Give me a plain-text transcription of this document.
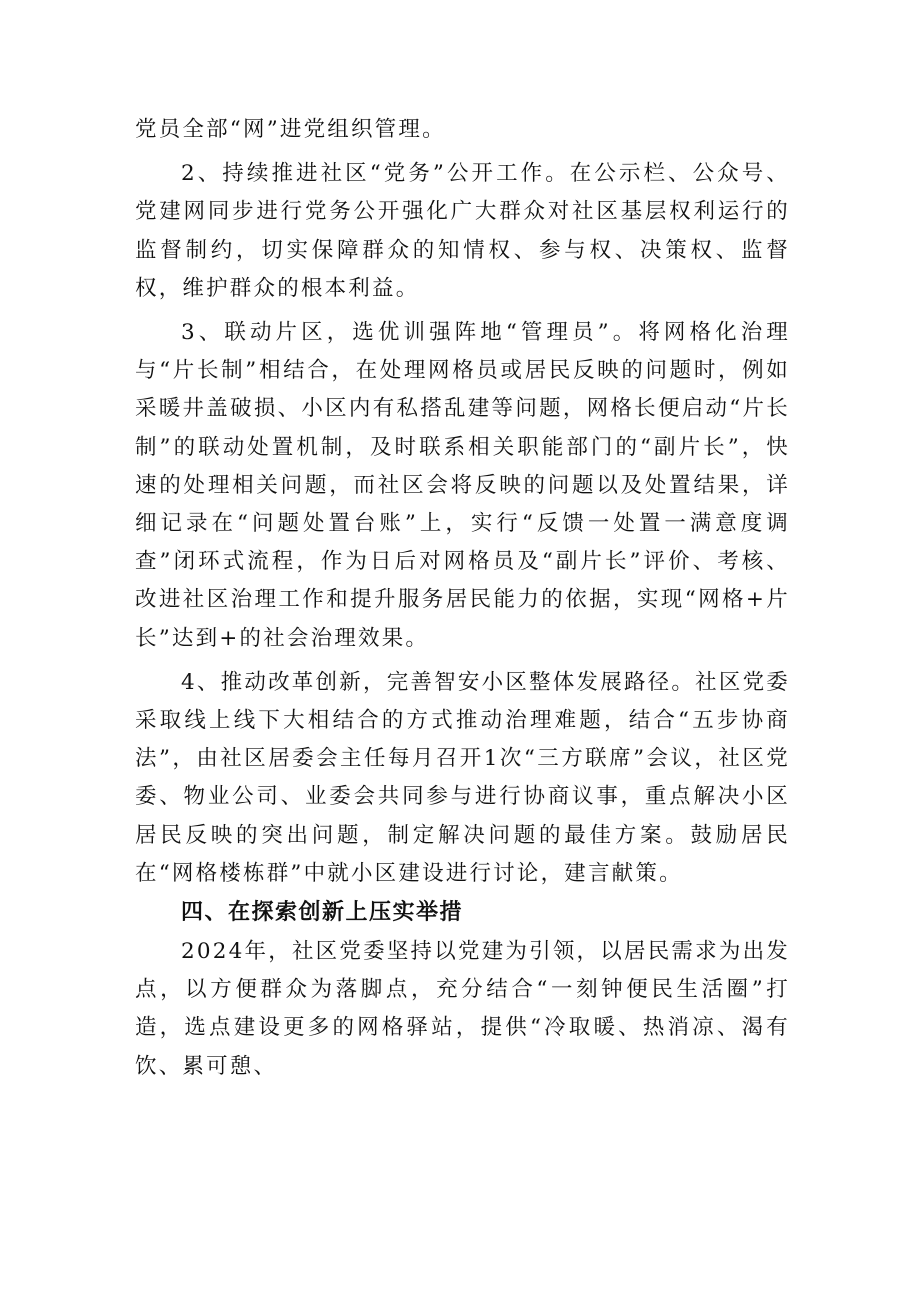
党员全部“网”进党组织管理。

2、持续推进社区“党务”公开工作。在公示栏、公众号、党建网同步进行党务公开强化广大群众对社区基层权利运行的监督制约，切实保障群众的知情权、参与权、决策权、监督权，维护群众的根本利益。

3、联动片区，选优训强阵地“管理员”。将网格化治理与“片长制”相结合，在处理网格员或居民反映的问题时，例如采暖井盖破损、小区内有私搭乱建等问题，网格长便启动“片长制”的联动处置机制，及时联系相关职能部门的“副片长”，快速的处理相关问题，而社区会将反映的问题以及处置结果，详细记录在“问题处置台账”上，实行“反馈一处置一满意度调查”闭环式流程，作为日后对网格员及“副片长”评价、考核、改进社区治理工作和提升服务居民能力的依据，实现“网格+片长”达到+的社会治理效果。

4、推动改革创新，完善智安小区整体发展路径。社区党委采取线上线下大相结合的方式推动治理难题，结合“五步协商法”，由社区居委会主任每月召开1次“三方联席”会议，社区党委、物业公司、业委会共同参与进行协商议事，重点解决小区居民反映的突出问题，制定解决问题的最佳方案。鼓励居民在“网格楼栋群”中就小区建设进行讨论，建言献策。

四、在探索创新上压实举措

2024年，社区党委坚持以党建为引领，以居民需求为出发点，以方便群众为落脚点，充分结合“一刻钟便民生活圈”打造，选点建设更多的网格驿站，提供“冷取暖、热消凉、渴有饮、累可憩、
